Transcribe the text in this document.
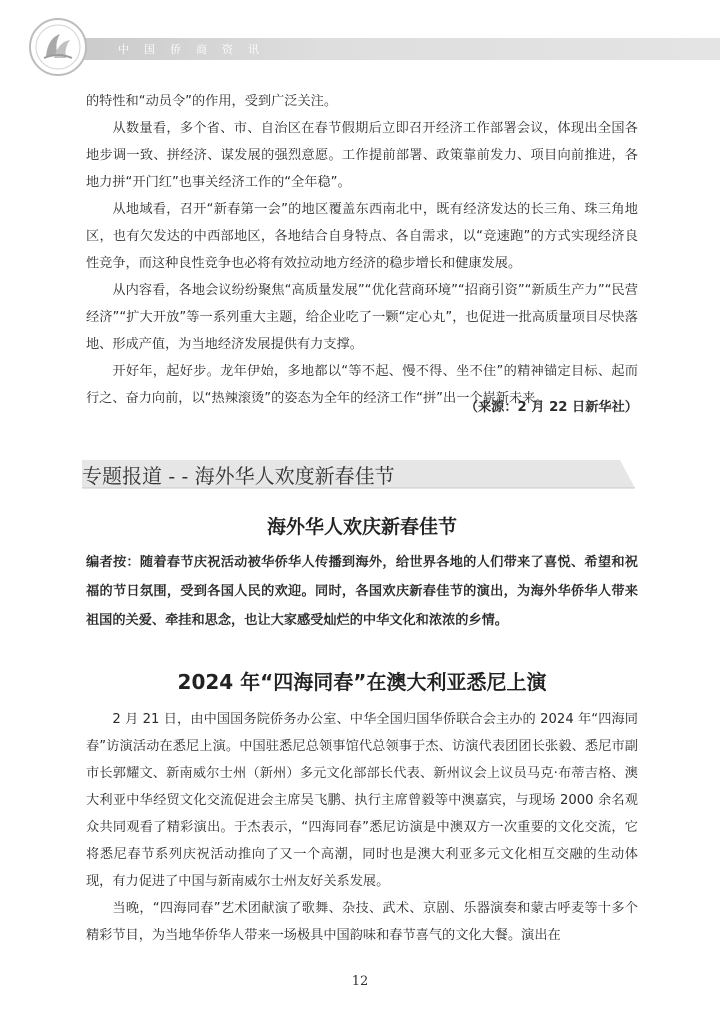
中国侨商资讯

的特性和“动员令”的作用，受到广泛关注。

从数量看，多个省、市、自治区在春节假期后立即召开经济工作部署会议，体现出全国各地步调一致、拼经济、谋发展的强烈意愿。工作提前部署、政策靠前发力、项目向前推进，各地力拼“开门红”也事关经济工作的“全年稳”。

从地域看，召开“新春第一会”的地区覆盖东西南北中，既有经济发达的长三角、珠三角地区，也有欠发达的中西部地区，各地结合自身特点、各自需求，以“竞速跑”的方式实现经济良性竞争，而这种良性竞争也必将有效拉动地方经济的稳步增长和健康发展。

从内容看，各地会议纷纷聚焦“高质量发展”“优化营商环境”“招商引资”“新质生产力”“民营经济”“扩大开放”等一系列重大主题，给企业吃了一颗“定心丸”，也促进一批高质量项目尽快落地、形成产值，为当地经济发展提供有力支撑。

开好年，起好步。龙年伊始，多地都以“等不起、慢不得、坐不住”的精神锚定目标、起而行之、奋力向前，以“热辣滚烫”的姿态为全年的经济工作“拼”出一个崭新未来。

（来源：2 月 22 日新华社）
专题报道 - - 海外华人欢度新春佳节
海外华人欢庆新春佳节
编者按：随着春节庆祝活动被华侨华人传播到海外，给世界各地的人们带来了喜悦、希望和祝福的节日氛围，受到各国人民的欢迎。同时，各国欢庆新春佳节的演出，为海外华侨华人带来祖国的关爱、牵挂和思念，也让大家感受灿烂的中华文化和浓浓的乡情。
2024 年“四海同春”在澳大利亚悉尼上演

2 月 21 日，由中国国务院侨务办公室、中华全国归国华侨联合会主办的 2024 年“四海同春”访演活动在悉尼上演。中国驻悉尼总领事馆代总领事于杰、访演代表团团长张毅、悉尼市副市长郭耀文、新南威尔士州（新州）多元文化部部长代表、新州议会上议员马克·布蒂吉格、澳大利亚中华经贸文化交流促进会主席吴飞鹏、执行主席曾毅等中澳嘉宾，与现场 2000 余名观众共同观看了精彩演出。于杰表示，“四海同春”悉尼访演是中澳双方一次重要的文化交流，它将悉尼春节系列庆祝活动推向了又一个高潮，同时也是澳大利亚多元文化相互交融的生动体现，有力促进了中国与新南威尔士州友好关系发展。

当晚，“四海同春”艺术团献演了歌舞、杂技、武术、京剧、乐器演奏和蒙古呼麦等十多个精彩节目，为当地华侨华人带来一场极具中国韵味和春节喜气的文化大餐。演出在

12
